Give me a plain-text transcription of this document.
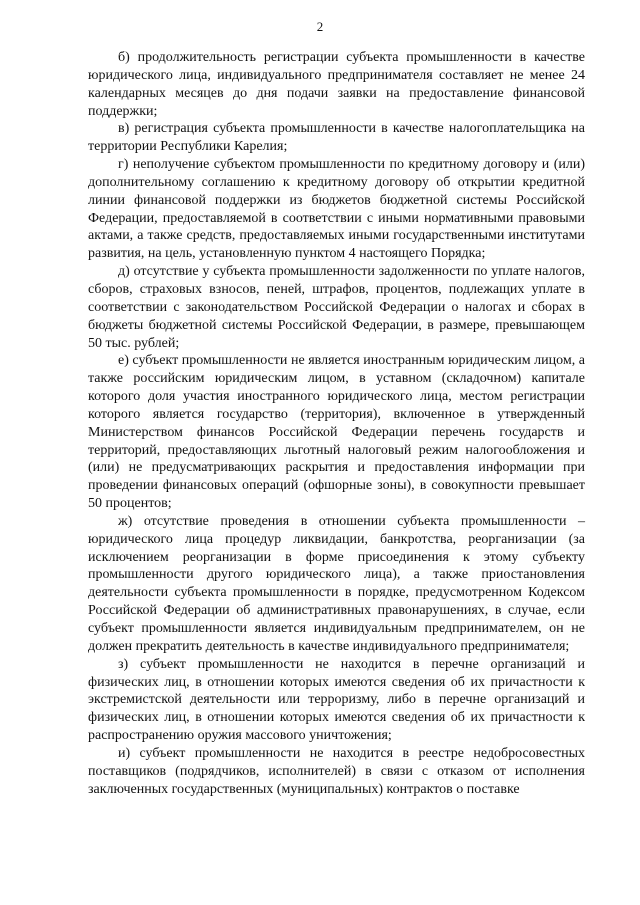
2

б) продолжительность регистрации субъекта промышленности в качестве юридического лица, индивидуального предпринимателя составляет не менее 24 календарных месяцев до дня подачи заявки на предоставление финансовой поддержки;

в) регистрация субъекта промышленности в качестве налогоплательщика на территории Республики Карелия;

г) неполучение субъектом промышленности по кредитному договору и (или) дополнительному соглашению к кредитному договору об открытии кредитной линии финансовой поддержки из бюджетов бюджетной системы Российской Федерации, предоставляемой в соответствии с иными нормативными правовыми актами, а также средств, предоставляемых иными государственными институтами развития, на цель, установленную пунктом 4 настоящего Порядка;

д) отсутствие у субъекта промышленности задолженности по уплате налогов, сборов, страховых взносов, пеней, штрафов, процентов, подлежащих уплате в соответствии с законодательством Российской Федерации о налогах и сборах в бюджеты бюджетной системы Российской Федерации, в размере, превышающем 50 тыс. рублей;

е) субъект промышленности не является иностранным юридическим лицом, а также российским юридическим лицом, в уставном (складочном) капитале которого доля участия иностранного юридического лица, местом регистрации которого является государство (территория), включенное в утвержденный Министерством финансов Российской Федерации перечень государств и территорий, предоставляющих льготный налоговый режим налогообложения и (или) не предусматривающих раскрытия и предоставления информации при проведении финансовых операций (офшорные зоны), в совокупности превышает 50 процентов;

ж) отсутствие проведения в отношении субъекта промышленности – юридического лица процедур ликвидации, банкротства, реорганизации (за исключением реорганизации в форме присоединения к этому субъекту промышленности другого юридического лица), а также приостановления деятельности субъекта промышленности в порядке, предусмотренном Кодексом Российской Федерации об административных правонарушениях, в случае, если субъект промышленности является индивидуальным предпринимателем, он не должен прекратить деятельность в качестве индивидуального предпринимателя;

з) субъект промышленности не находится в перечне организаций и физических лиц, в отношении которых имеются сведения об их причастности к экстремистской деятельности или терроризму, либо в перечне организаций и физических лиц, в отношении которых имеются сведения об их причастности к распространению оружия массового уничтожения;

и) субъект промышленности не находится в реестре недобросовестных поставщиков (подрядчиков, исполнителей) в связи с отказом от исполнения заключенных государственных (муниципальных) контрактов о поставке
